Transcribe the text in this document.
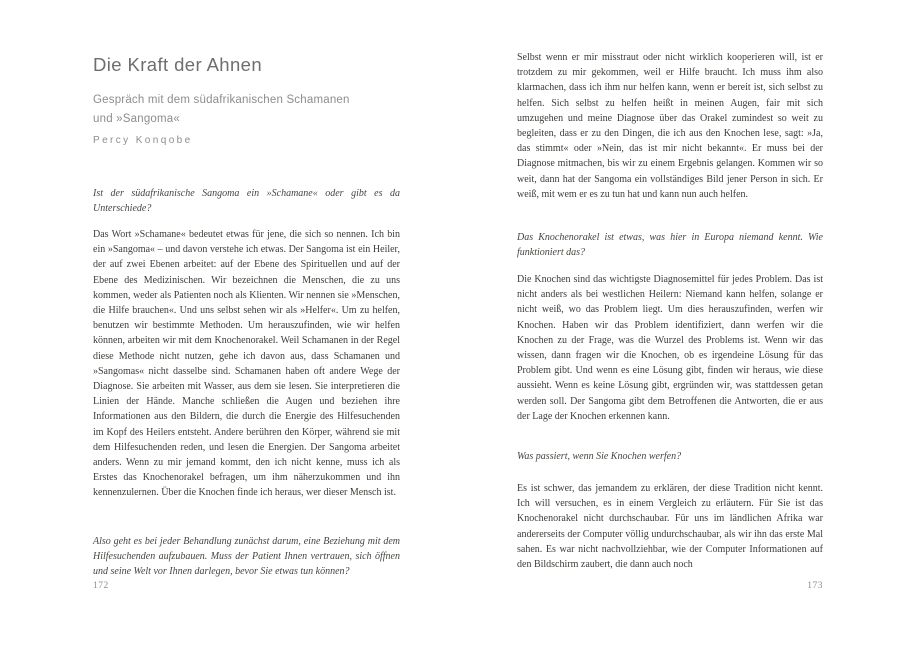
Die Kraft der Ahnen
Gespräch mit dem südafrikanischen Schamanen
und »Sangoma«
Percy Konqobe
Ist der südafrikanische Sangoma ein »Schamane« oder gibt es da Unterschiede?
Das Wort »Schamane« bedeutet etwas für jene, die sich so nennen. Ich bin ein »Sangoma« – und davon verstehe ich etwas. Der Sangoma ist ein Heiler, der auf zwei Ebenen arbeitet: auf der Ebene des Spirituellen und auf der Ebene des Medizinischen. Wir bezeichnen die Menschen, die zu uns kommen, weder als Patienten noch als Klienten. Wir nennen sie »Menschen, die Hilfe brauchen«. Und uns selbst sehen wir als »Helfer«. Um zu helfen, benutzen wir bestimmte Methoden. Um herauszufinden, wie wir helfen können, arbeiten wir mit dem Knochenorakel. Weil Schamanen in der Regel diese Methode nicht nutzen, gehe ich davon aus, dass Schamanen und »Sangomas« nicht dasselbe sind. Schamanen haben oft andere Wege der Diagnose. Sie arbeiten mit Wasser, aus dem sie lesen. Sie interpretieren die Linien der Hände. Manche schließen die Augen und beziehen ihre Informationen aus den Bildern, die durch die Energie des Hilfesuchenden im Kopf des Heilers entsteht. Andere berühren den Körper, während sie mit dem Hilfesuchenden reden, und lesen die Energien. Der Sangoma arbeitet anders. Wenn zu mir jemand kommt, den ich nicht kenne, muss ich als Erstes das Knochenorakel befragen, um ihm näherzukommen und ihn kennenzulernen. Über die Knochen finde ich heraus, wer dieser Mensch ist.
Also geht es bei jeder Behandlung zunächst darum, eine Beziehung mit dem Hilfesuchenden aufzubauen. Muss der Patient Ihnen vertrauen, sich öffnen und seine Welt vor Ihnen darlegen, bevor Sie etwas tun können?
172
Selbst wenn er mir misstraut oder nicht wirklich kooperieren will, ist er trotzdem zu mir gekommen, weil er Hilfe braucht. Ich muss ihm also klarmachen, dass ich ihm nur helfen kann, wenn er bereit ist, sich selbst zu helfen. Sich selbst zu helfen heißt in meinen Augen, fair mit sich umzugehen und meine Diagnose über das Orakel zumindest so weit zu begleiten, dass er zu den Dingen, die ich aus den Knochen lese, sagt: »Ja, das stimmt« oder »Nein, das ist mir nicht bekannt«. Er muss bei der Diagnose mitmachen, bis wir zu einem Ergebnis gelangen. Kommen wir so weit, dann hat der Sangoma ein vollständiges Bild jener Person in sich. Er weiß, mit wem er es zu tun hat und kann nun auch helfen.
Das Knochenorakel ist etwas, was hier in Europa niemand kennt. Wie funktioniert das?
Die Knochen sind das wichtigste Diagnosemittel für jedes Problem. Das ist nicht anders als bei westlichen Heilern: Niemand kann helfen, solange er nicht weiß, wo das Problem liegt. Um dies herauszufinden, werfen wir Knochen. Haben wir das Problem identifiziert, dann werfen wir die Knochen zu der Frage, was die Wurzel des Problems ist. Wenn wir das wissen, dann fragen wir die Knochen, ob es irgendeine Lösung für das Problem gibt. Und wenn es eine Lösung gibt, finden wir heraus, wie diese aussieht. Wenn es keine Lösung gibt, ergründen wir, was stattdessen getan werden soll. Der Sangoma gibt dem Betroffenen die Antworten, die er aus der Lage der Knochen erkennen kann.
Was passiert, wenn Sie Knochen werfen?
Es ist schwer, das jemandem zu erklären, der diese Tradition nicht kennt. Ich will versuchen, es in einem Vergleich zu erläutern. Für Sie ist das Knochenorakel nicht durchschaubar. Für uns im ländlichen Afrika war andererseits der Computer völlig undurchschaubar, als wir ihn das erste Mal sahen. Es war nicht nachvollziehbar, wie der Computer Informationen auf den Bildschirm zaubert, die dann auch noch
173
